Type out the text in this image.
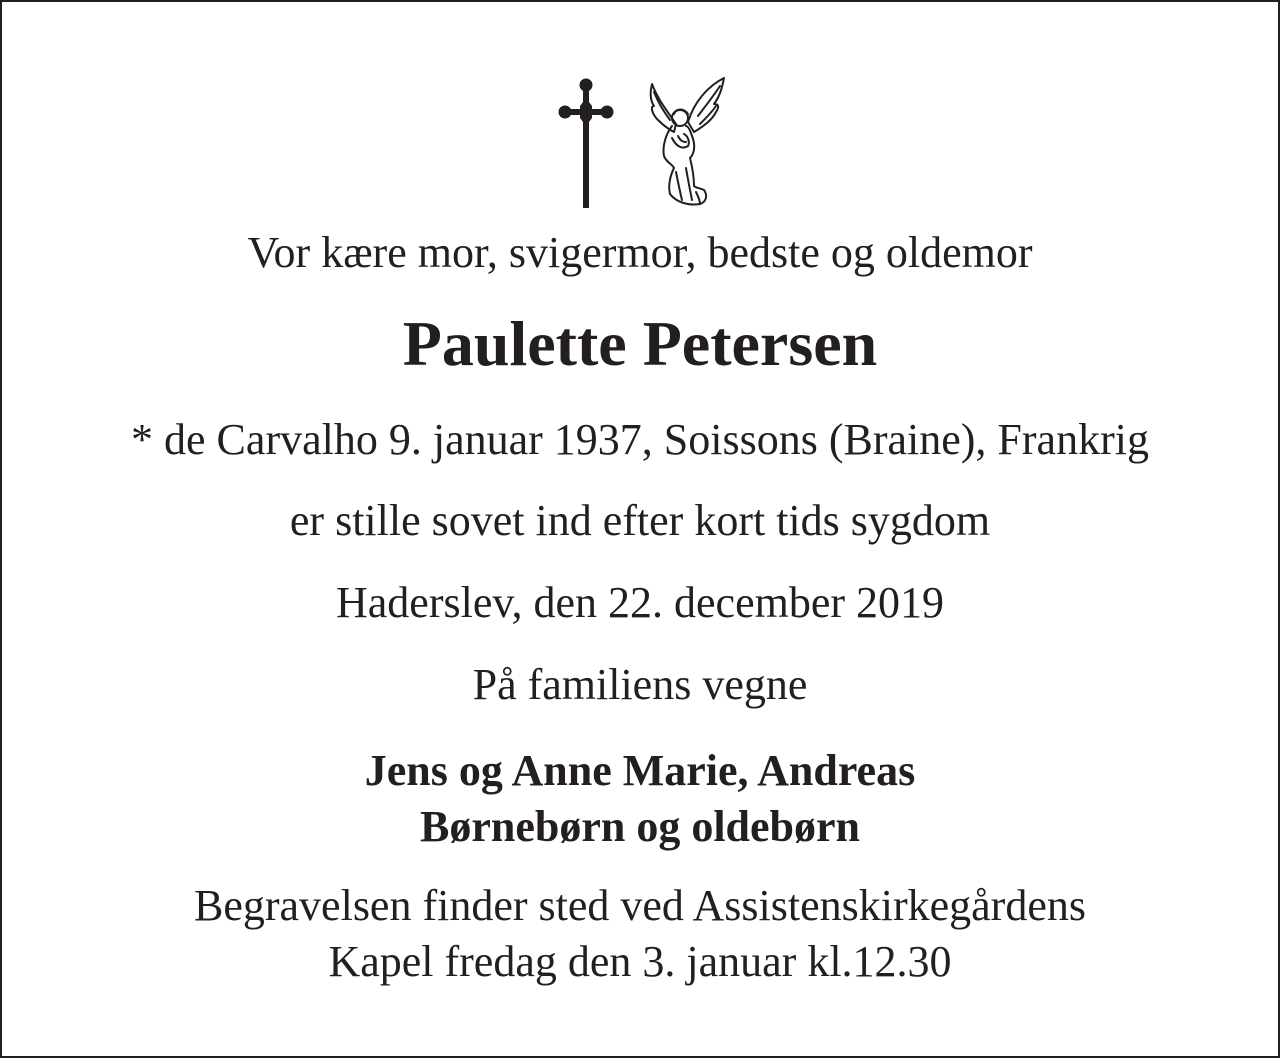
Vor kære mor, svigermor, bedste og oldemor
Paulette Petersen
* de Carvalho 9. januar 1937, Soissons (Braine), Frankrig
er stille sovet ind efter kort tids sygdom
Haderslev, den 22. december 2019
På familiens vegne
Jens og Anne Marie, Andreas
Børnebørn og oldebørn
Begravelsen finder sted ved Assistenskirkegårdens
Kapel fredag den 3. januar kl.12.30
